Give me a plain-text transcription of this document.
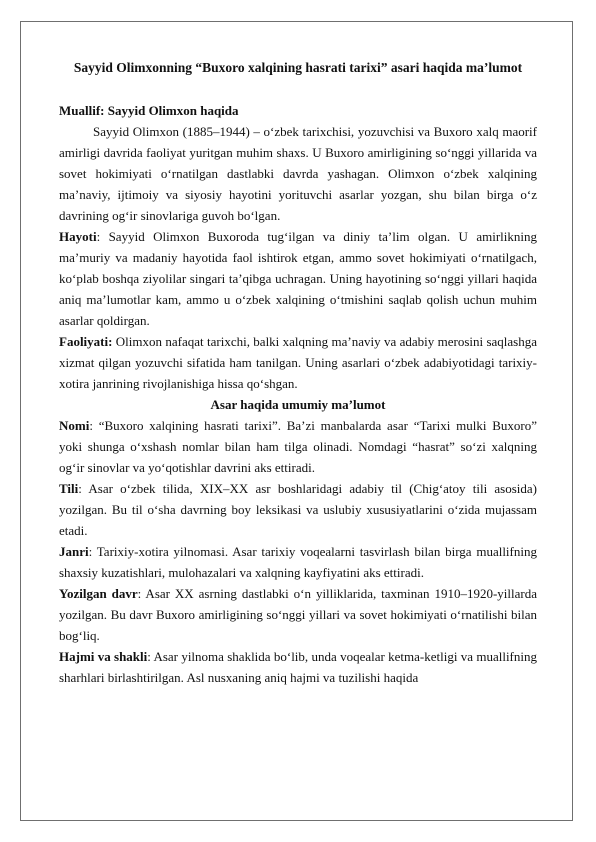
Sayyid Olimxonning “Buxoro xalqining hasrati tarixi” asari haqida ma’lumot
Muallif: Sayyid Olimxon haqida

Sayyid Olimxon (1885–1944) – o‘zbek tarixchisi, yozuvchisi va Buxoro xalq maorif amirligi davrida faoliyat yuritgan muhim shaxs. U Buxoro amirligining so‘nggi yillarida va sovet hokimiyati o‘rnatilgan dastlabki davrda yashagan. Olimxon o‘zbek xalqining ma’naviy, ijtimoiy va siyosiy hayotini yorituvchi asarlar yozgan, shu bilan birga o‘z davrining og‘ir sinovlariga guvoh bo‘lgan.

Hayoti: Sayyid Olimxon Buxoroda tug‘ilgan va diniy ta’lim olgan. U amirlikning ma’muriy va madaniy hayotida faol ishtirok etgan, ammo sovet hokimiyati o‘rnatilgach, ko‘plab boshqa ziyolilar singari ta’qibga uchragan. Uning hayotining so‘nggi yillari haqida aniq ma’lumotlar kam, ammo u o‘zbek xalqining o‘tmishini saqlab qolish uchun muhim asarlar qoldirgan.

Faoliyati: Olimxon nafaqat tarixchi, balki xalqning ma’naviy va adabiy merosini saqlashga xizmat qilgan yozuvchi sifatida ham tanilgan. Uning asarlari o‘zbek adabiyotidagi tarixiy-xotira janrining rivojlanishiga hissa qo‘shgan.

Asar haqida umumiy ma’lumot

Nomi: “Buxoro xalqining hasrati tarixi”. Ba’zi manbalarda asar “Tarixi mulki Buxoro” yoki shunga o‘xshash nomlar bilan ham tilga olinadi. Nomdagi “hasrat” so‘zi xalqning og‘ir sinovlar va yo‘qotishlar davrini aks ettiradi.

Tili: Asar o‘zbek tilida, XIX–XX asr boshlaridagi adabiy til (Chig‘atoy tili asosida) yozilgan. Bu til o‘sha davrning boy leksikasi va uslubiy xususiyatlarini o‘zida mujassam etadi.

Janri: Tarixiy-xotira yilnomasi. Asar tarixiy voqealarni tasvirlash bilan birga muallifning shaxsiy kuzatishlari, mulohazalari va xalqning kayfiyatini aks ettiradi.

Yozilgan davr: Asar XX asrning dastlabki o‘n yilliklarida, taxminan 1910–1920-yillarda yozilgan. Bu davr Buxoro amirligining so‘nggi yillari va sovet hokimiyati o‘rnatilishi bilan bog‘liq.

Hajmi va shakli: Asar yilnoma shaklida bo‘lib, unda voqealar ketma-ketligi va muallifning sharhlari birlashtirilgan. Asl nusxaning aniq hajmi va tuzilishi haqida
